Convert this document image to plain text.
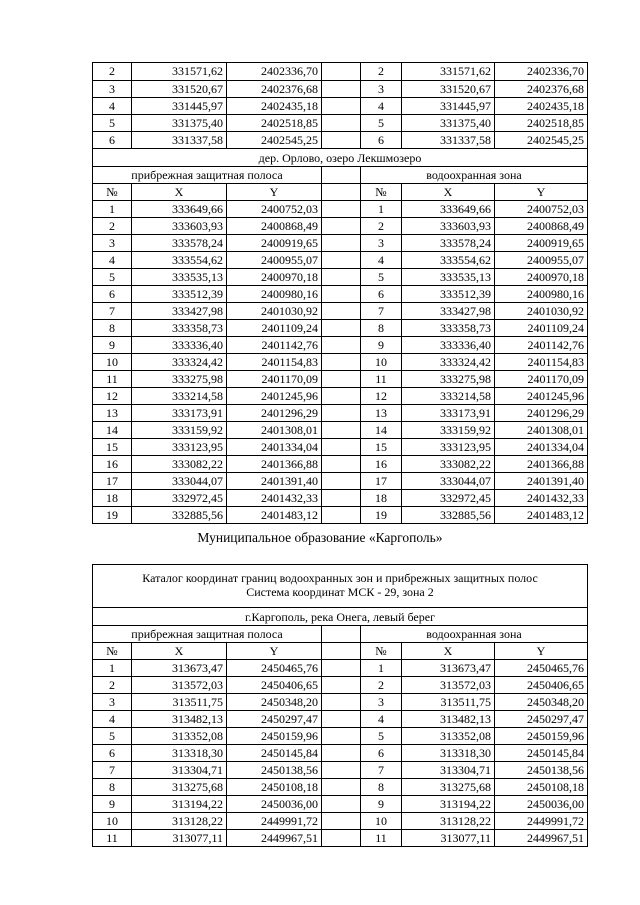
2	331571,62	2402336,70	2	331571,62	2402336,70
3	331520,67	2402376,68	3	331520,67	2402376,68
4	331445,97	2402435,18	4	331445,97	2402435,18
5	331375,40	2402518,85	5	331375,40	2402518,85
6	331337,58	2402545,25	6	331337,58	2402545,25
дер. Орлово, озеро Лекшмозеро
прибрежная защитная полоса	водоохранная зона
№	X	Y	№	X	Y
1	333649,66	2400752,03	1	333649,66	2400752,03
2	333603,93	2400868,49	2	333603,93	2400868,49
3	333578,24	2400919,65	3	333578,24	2400919,65
4	333554,62	2400955,07	4	333554,62	2400955,07
5	333535,13	2400970,18	5	333535,13	2400970,18
6	333512,39	2400980,16	6	333512,39	2400980,16
7	333427,98	2401030,92	7	333427,98	2401030,92
8	333358,73	2401109,24	8	333358,73	2401109,24
9	333336,40	2401142,76	9	333336,40	2401142,76
10	333324,42	2401154,83	10	333324,42	2401154,83
11	333275,98	2401170,09	11	333275,98	2401170,09
12	333214,58	2401245,96	12	333214,58	2401245,96
13	333173,91	2401296,29	13	333173,91	2401296,29
14	333159,92	2401308,01	14	333159,92	2401308,01
15	333123,95	2401334,04	15	333123,95	2401334,04
16	333082,22	2401366,88	16	333082,22	2401366,88
17	333044,07	2401391,40	17	333044,07	2401391,40
18	332972,45	2401432,33	18	332972,45	2401432,33
19	332885,56	2401483,12	19	332885,56	2401483,12
Муниципальное образование «Каргополь»
Каталог координат границ водоохранных зон и прибрежных защитных полос
Система координат МСК - 29, зона 2
г.Каргополь, река Онега, левый берег
прибрежная защитная полоса	водоохранная зона
№	X	Y	№	X	Y
1	313673,47	2450465,76	1	313673,47	2450465,76
2	313572,03	2450406,65	2	313572,03	2450406,65
3	313511,75	2450348,20	3	313511,75	2450348,20
4	313482,13	2450297,47	4	313482,13	2450297,47
5	313352,08	2450159,96	5	313352,08	2450159,96
6	313318,30	2450145,84	6	313318,30	2450145,84
7	313304,71	2450138,56	7	313304,71	2450138,56
8	313275,68	2450108,18	8	313275,68	2450108,18
9	313194,22	2450036,00	9	313194,22	2450036,00
10	313128,22	2449991,72	10	313128,22	2449991,72
11	313077,11	2449967,51	11	313077,11	2449967,51
